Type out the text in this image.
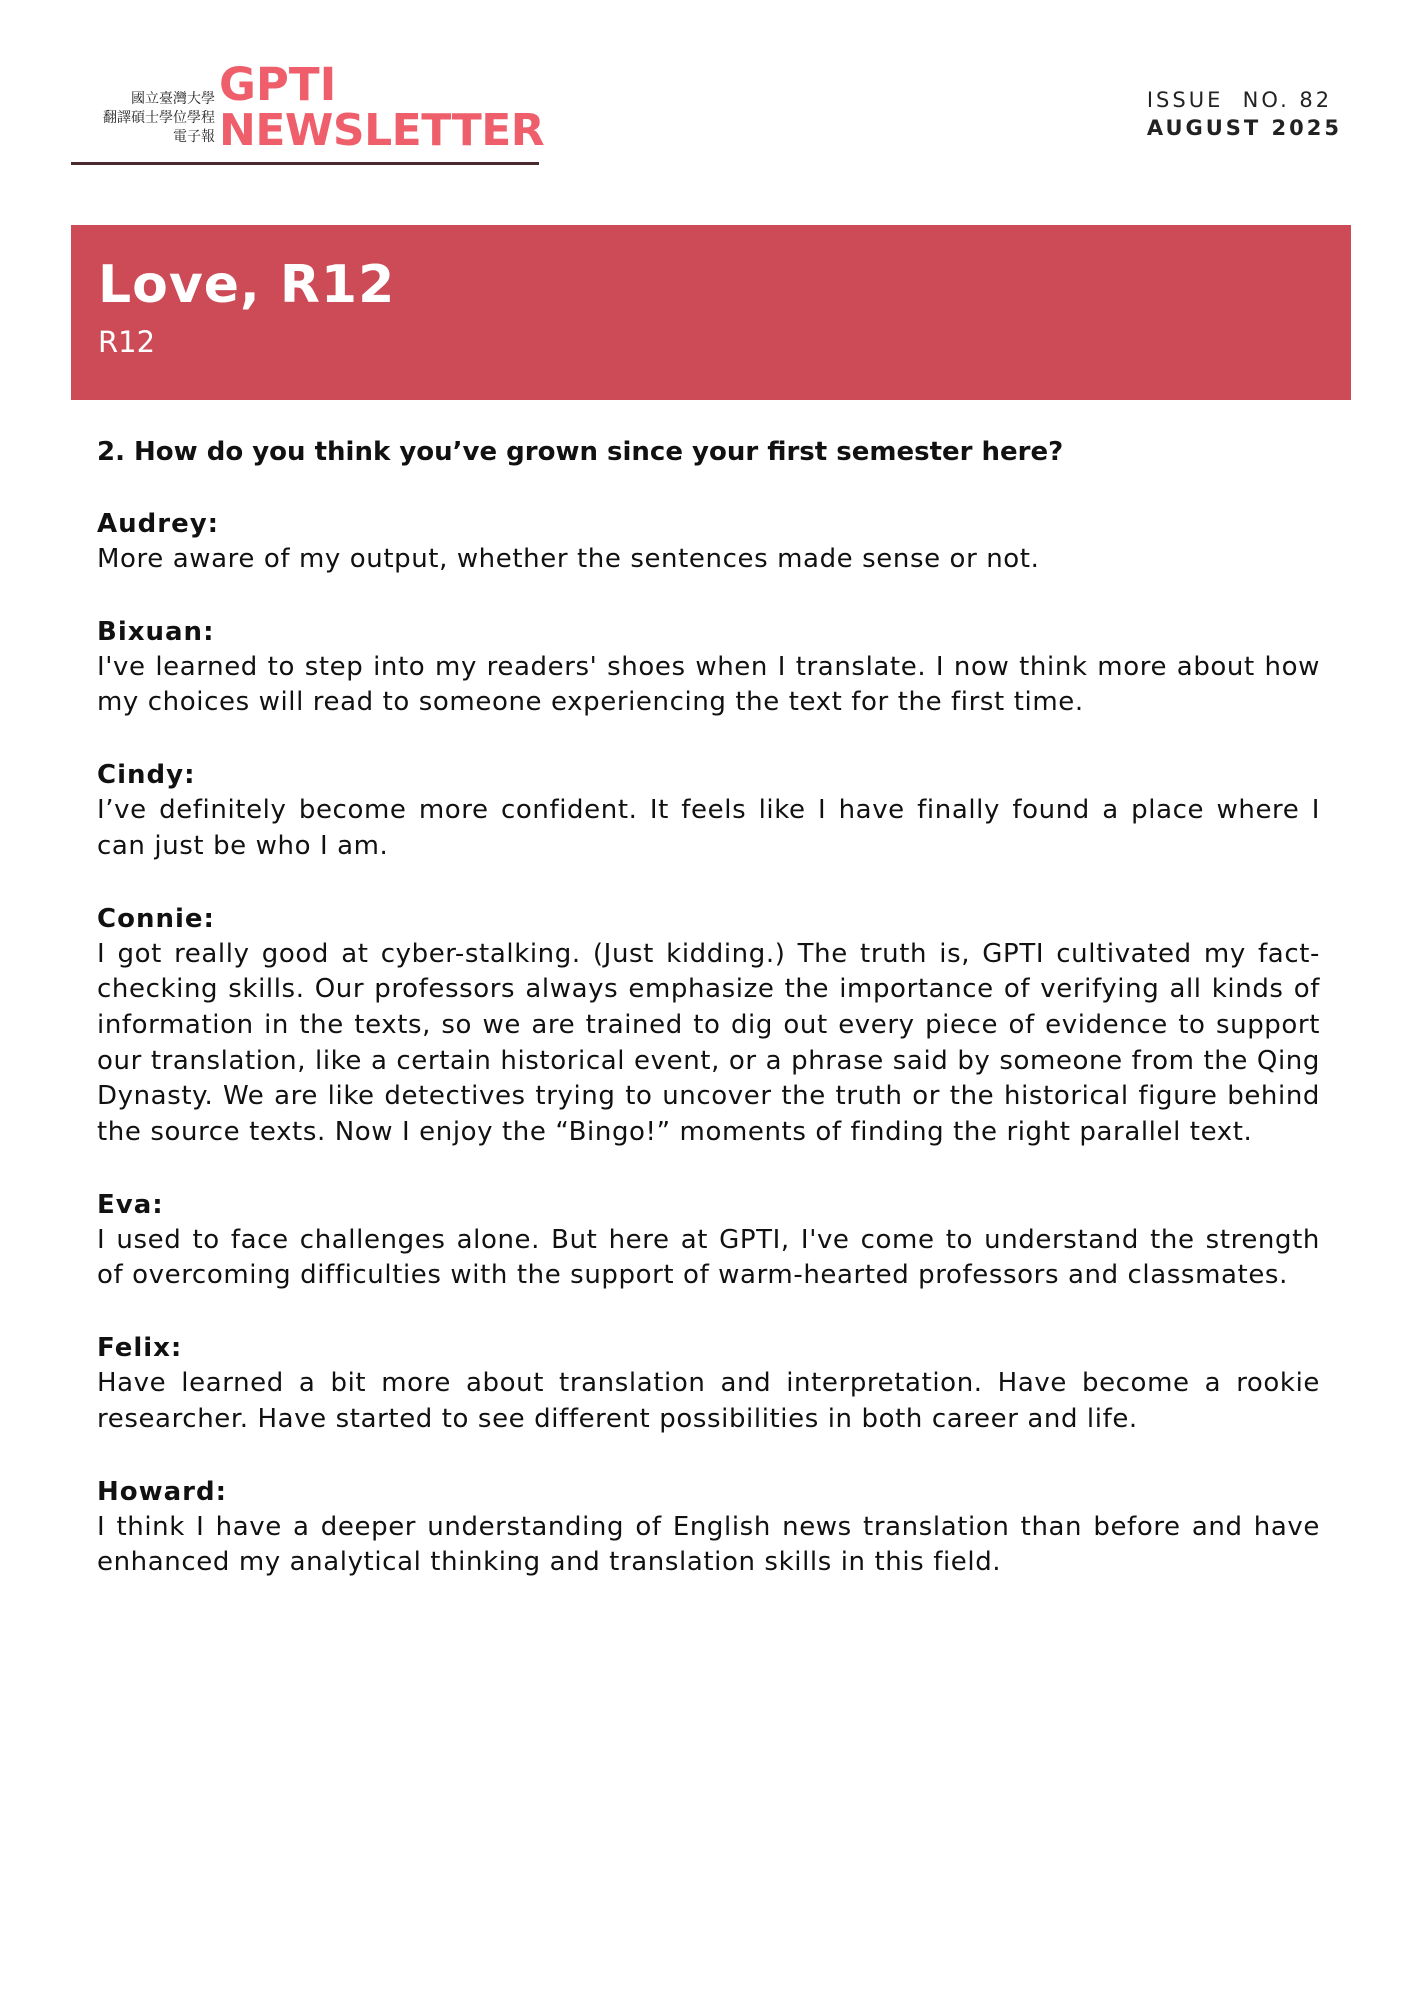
國立臺灣大學
翻譯碩士學位學程
電子報
GPTI
NEWSLETTER
ISSUE  NO. 82
AUGUST 2025
Love, R12
R12
2. How do you think you’ve grown since your first semester here?
Audrey:

More aware of my output, whether the sentences made sense or not.

Bixuan:

I've learned to step into my readers' shoes when I translate. I now think more about how my choices will read to someone experiencing the text for the first time.

Cindy:

I’ve definitely become more confident. It feels like I have finally found a place where I can just be who I am.

Connie:

I got really good at cyber-stalking. (Just kidding.) The truth is, GPTI cultivated my fact-checking skills. Our professors always emphasize the importance of verifying all kinds of information in the texts, so we are trained to dig out every piece of evidence to support our translation, like a certain historical event, or a phrase said by someone from the Qing Dynasty. We are like detectives trying to uncover the truth or the historical figure behind the source texts. Now I enjoy the “Bingo!” moments of finding the right parallel text.

Eva:

I used to face challenges alone. But here at GPTI, I've come to understand the strength of overcoming difficulties with the support of warm-hearted professors and classmates.

Felix:

Have learned a bit more about translation and interpretation. Have become a rookie researcher. Have started to see different possibilities in both career and life.

Howard:

I think I have a deeper understanding of English news translation than before and have enhanced my analytical thinking and translation skills in this field.
